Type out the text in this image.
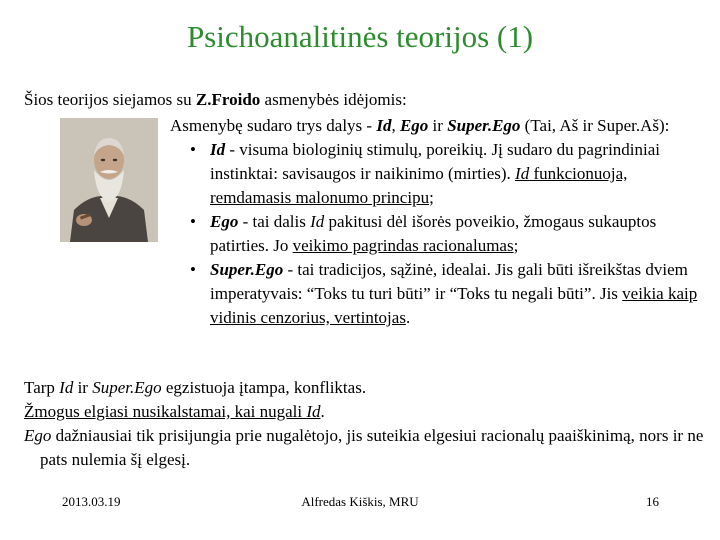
Psichoanalitinės teorijos (1)
Šios teorijos siejamos su Z.Froido asmenybės idėjomis:
Asmenybę sudaro trys dalys - Id, Ego ir Super.Ego (Tai, Aš ir Super.Aš):
• Id - visuma biologinių stimulų, poreikių. Jį sudaro du pagrindiniai instinktai: savisaugos ir naikinimo (mirties). Id funkcionuoja, remdamasis malonumo principu;
• Ego - tai dalis Id pakitusi dėl išorės poveikio, žmogaus sukauptos patirties. Jo veikimo pagrindas racionalumas;
• Super.Ego - tai tradicijos, sąžinė, idealai. Jis gali būti išreikštas dviem imperatyvais: “Toks tu turi būti” ir “Toks tu negali būti”. Jis veikia kaip vidinis cenzorius, vertintojas.
Tarp Id ir Super.Ego egzistuoja įtampa, konfliktas.
Žmogus elgiasi nusikalstamai, kai nugali Id.
Ego dažniausiai tik prisijungia prie nugalėtojo, jis suteikia elgesiui racionalų paaiškinimą, nors ir ne pats nulemia šį elgesį.
2013.03.19	Alfredas Kiškis, MRU	16
